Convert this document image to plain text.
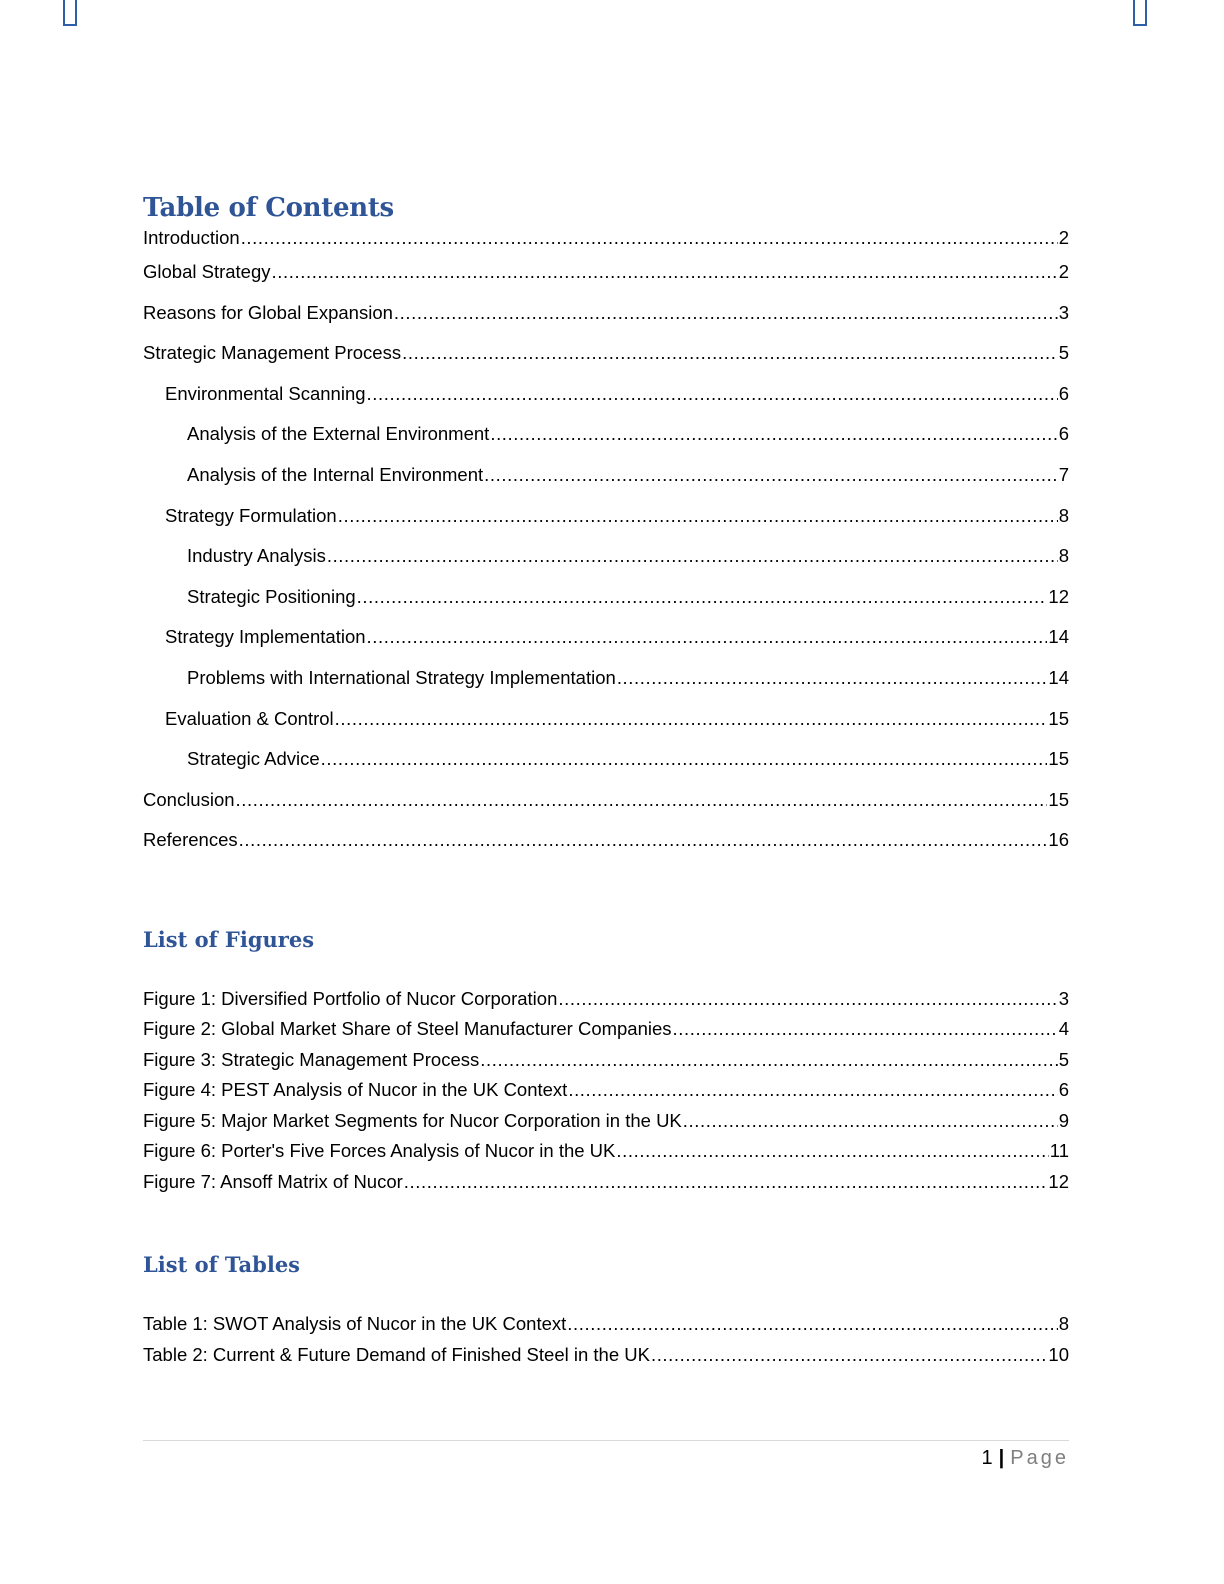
Table of Contents
Introduction .....	2
Global Strategy .....	2
Reasons for Global Expansion .....	3
Strategic Management Process .....	5
Environmental Scanning .....	6
Analysis of the External Environment .....	6
Analysis of the Internal Environment .....	7
Strategy Formulation .....	8
Industry Analysis .....	8
Strategic Positioning .....	12
Strategy Implementation .....	14
Problems with International Strategy Implementation .....	14
Evaluation & Control .....	15
Strategic Advice .....	15
Conclusion .....	15
References .....	16
List of Figures
Figure 1: Diversified Portfolio of Nucor Corporation .....	3
Figure 2: Global Market Share of Steel Manufacturer Companies .....	4
Figure 3: Strategic Management Process .....	5
Figure 4: PEST Analysis of Nucor in the UK Context .....	6
Figure 5: Major Market Segments for Nucor Corporation in the UK .....	9
Figure 6: Porter's Five Forces Analysis of Nucor in the UK .....	11
Figure 7: Ansoff Matrix of Nucor .....	12
List of Tables
Table 1: SWOT Analysis of Nucor in the UK Context .....	8
Table 2: Current & Future Demand of Finished Steel in the UK .....	10
1 | Page
